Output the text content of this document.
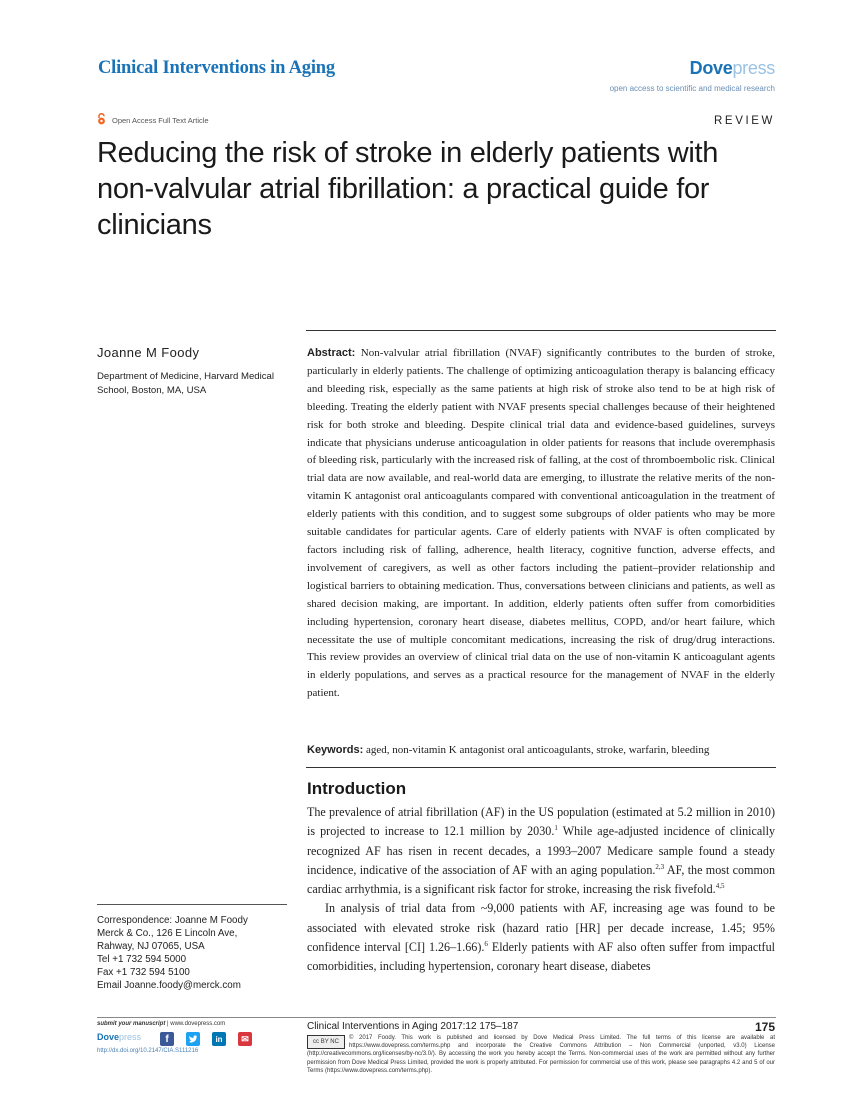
Clinical Interventions in Aging	Dovepress
open access to scientific and medical research
Open Access Full Text Article	REVIEW
Reducing the risk of stroke in elderly patients with non-valvular atrial fibrillation: a practical guide for clinicians
Joanne M Foody
Department of Medicine, Harvard Medical School, Boston, MA, USA
Abstract: Non-valvular atrial fibrillation (NVAF) significantly contributes to the burden of stroke, particularly in elderly patients. The challenge of optimizing anticoagulation therapy is balancing efficacy and bleeding risk, especially as the same patients at high risk of stroke also tend to be at high risk of bleeding. Treating the elderly patient with NVAF presents special challenges because of their heightened risk for both stroke and bleeding. Despite clinical trial data and evidence-based guidelines, surveys indicate that physicians underuse anticoagulation in older patients for reasons that include overemphasis of bleeding risk, particularly with the increased risk of falling, at the cost of thromboembolic risk. Clinical trial data are now available, and real-world data are emerging, to illustrate the relative merits of the non-vitamin K antagonist oral anticoagulants compared with conventional anticoagulation in the treatment of elderly patients with this condition, and to suggest some subgroups of older patients who may be more suitable candidates for particular agents. Care of elderly patients with NVAF is often complicated by factors including risk of falling, adherence, health literacy, cognitive function, adverse effects, and involvement of caregivers, as well as other factors including the patient–provider relationship and logistical barriers to obtaining medication. Thus, conversations between clinicians and patients, as well as shared decision making, are important. In addition, elderly patients often suffer from comorbidities including hypertension, coronary heart disease, diabetes mellitus, COPD, and/or heart failure, which necessitate the use of multiple concomitant medications, increasing the risk of drug/drug interactions. This review provides an overview of clinical trial data on the use of non-vitamin K anticoagulant agents in elderly populations, and serves as a practical resource for the management of NVAF in the elderly patient.
Keywords: aged, non-vitamin K antagonist oral anticoagulants, stroke, warfarin, bleeding
Introduction

The prevalence of atrial fibrillation (AF) in the US population (estimated at 5.2 million in 2010) is projected to increase to 12.1 million by 2030.$^1$ While age-adjusted incidence of clinically recognized AF has risen in recent decades, a 1993–2007 Medicare sample found a steady incidence, indicative of the association of AF with an aging population.$^{2,3}$ AF, the most common cardiac arrhythmia, is a significant risk factor for stroke, increasing the risk fivefold.$^{4,5}$

In analysis of trial data from ~9,000 patients with AF, increasing age was found to be associated with elevated stroke risk (hazard ratio [HR] per decade increase, 1.45; 95% confidence interval [CI] 1.26–1.66).$^6$ Elderly patients with AF also often suffer from impactful comorbidities, including hypertension, coronary heart disease, diabetes

Correspondence: Joanne M Foody
Merck & Co., 126 E Lincoln Ave,
Rahway, NJ 07065, USA
Tel +1 732 594 5000
Fax +1 732 594 5100
Email Joanne.foody@merck.com
submit your manuscript | www.dovepress.com
Dovepress	f	in	✉
http://dx.doi.org/10.2147/CIA.S111216
Clinical Interventions in Aging 2017:12 175–187	175
cc BY NC
© 2017 Foody. This work is published and licensed by Dove Medical Press Limited. The full terms of this license are available at https://www.dovepress.com/terms.php and incorporate the Creative Commons Attribution – Non Commercial (unported, v3.0) License (http://creativecommons.org/licenses/by-nc/3.0/). By accessing the work you hereby accept the Terms. Non-commercial uses of the work are permitted without any further permission from Dove Medical Press Limited, provided the work is properly attributed. For permission for commercial use of this work, please see paragraphs 4.2 and 5 of our Terms (https://www.dovepress.com/terms.php).
